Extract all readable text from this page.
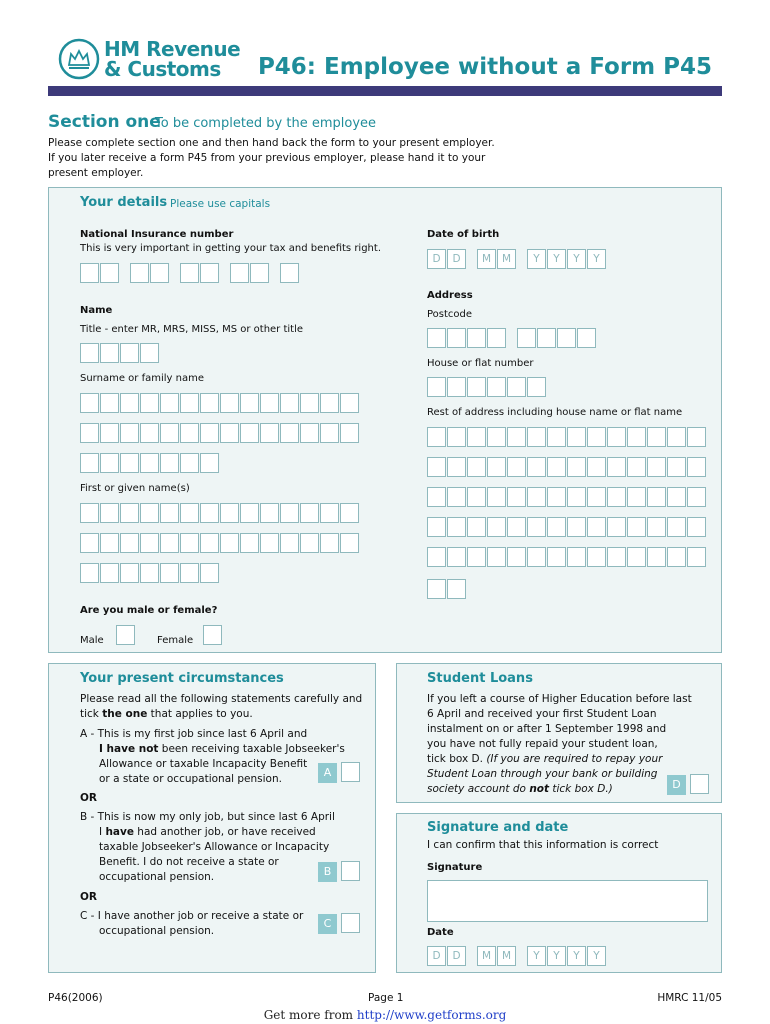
HM Revenue
& Customs P46: Employee without a Form P45
Section one
To be completed by the employee
Please complete section one and then hand back the form to your present employer.
If you later receive a form P45 from your previous employer, please hand it to your
present employer.
Your details Please use capitals
National Insurance number
This is very important in getting your tax and benefits right.
Name
Title - enter MR, MRS, MISS, MS or other title
Surname or family name
First or given name(s)
Are you male or female?
Male	Female
Date of birth
D	D	M	M	Y	Y	Y	Y
Address
Postcode
House or flat number
Rest of address including house name or flat name
Your present circumstances
Please read all the following statements carefully and
tick the one that applies to you.
A - This is my first job since last 6 April and
I have not been receiving taxable Jobseeker's
Allowance or taxable Incapacity Benefit
or a state or occupational pension.	A
OR
B - This is now my only job, but since last 6 April
I have had another job, or have received
taxable Jobseeker's Allowance or Incapacity
Benefit. I do not receive a state or
occupational pension.	B
OR
C - I have another job or receive a state or
occupational pension.
C
Student Loans
If you left a course of Higher Education before last
6 April and received your first Student Loan
instalment on or after 1 September 1998 and
you have not fully repaid your student loan,
tick box D. (If you are required to repay your
Student Loan through your bank or building
society account do not tick box D.)	D
Signature and date
I can confirm that this information is correct
Signature
Date
D	D	M	M	Y	Y	Y	Y
P46(2006)	Page 1	HMRC 11/05
Get more from http://www.getforms.org
